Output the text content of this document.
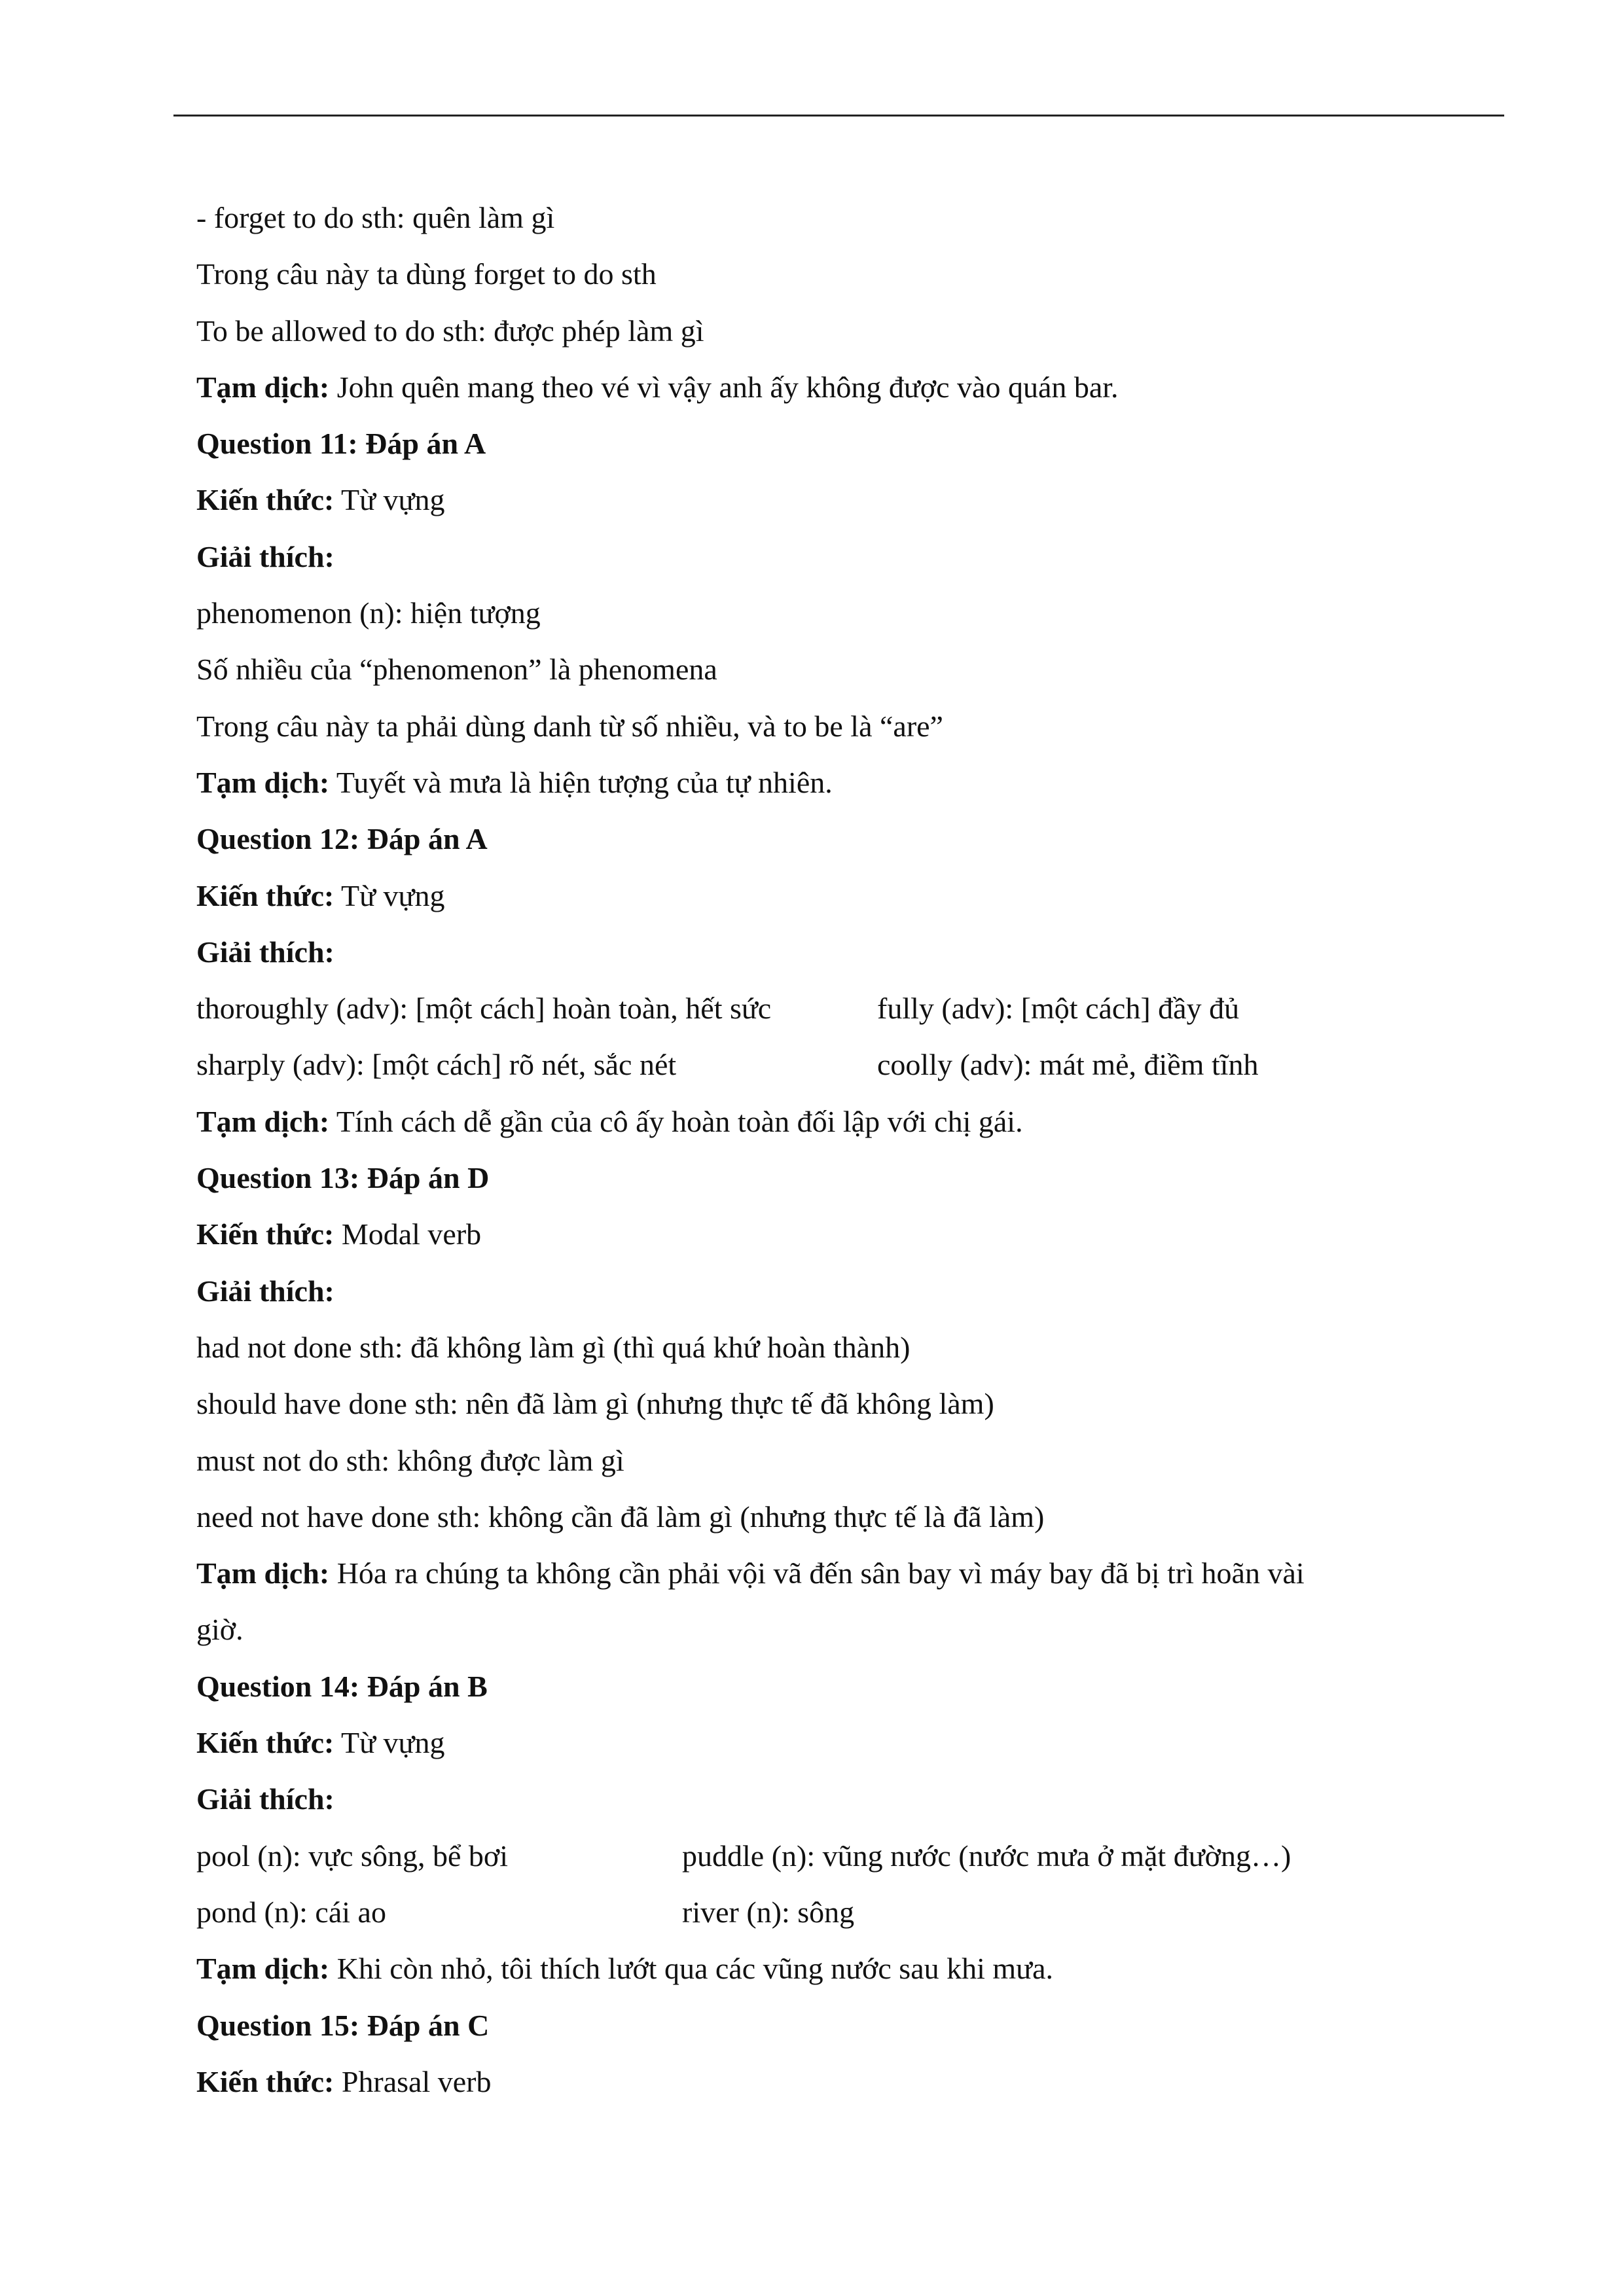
- forget to do sth: quên làm gì
Trong câu này ta dùng forget to do sth
To be allowed to do sth: được phép làm gì
Tạm dịch: John quên mang theo vé vì vậy anh ấy không được vào quán bar.
Question 11: Đáp án A
Kiến thức: Từ vựng
Giải thích:
phenomenon (n): hiện tượng
Số nhiều của “phenomenon” là phenomena
Trong câu này ta phải dùng danh từ số nhiều, và to be là “are”
Tạm dịch: Tuyết và mưa là hiện tượng của tự nhiên.
Question 12: Đáp án A
Kiến thức: Từ vựng
Giải thích:
thoroughly (adv): [một cách] hoàn toàn, hết sức	fully (adv): [một cách] đầy đủ
sharply (adv): [một cách] rõ nét, sắc nét	coolly (adv): mát mẻ, điềm tĩnh
Tạm dịch: Tính cách dễ gần của cô ấy hoàn toàn đối lập với chị gái.
Question 13: Đáp án D
Kiến thức: Modal verb
Giải thích:
had not done sth: đã không làm gì (thì quá khứ hoàn thành)
should have done sth: nên đã làm gì (nhưng thực tế đã không làm)
must not do sth: không được làm gì
need not have done sth: không cần đã làm gì (nhưng thực tế là đã làm)
Tạm dịch: Hóa ra chúng ta không cần phải vội vã đến sân bay vì máy bay đã bị trì hoãn vài
giờ.
Question 14: Đáp án B
Kiến thức: Từ vựng
Giải thích:
pool (n): vực sông, bể bơi	puddle (n): vũng nước (nước mưa ở mặt đường…)
pond (n): cái ao	river (n): sông
Tạm dịch: Khi còn nhỏ, tôi thích lướt qua các vũng nước sau khi mưa.
Question 15: Đáp án C
Kiến thức: Phrasal verb
